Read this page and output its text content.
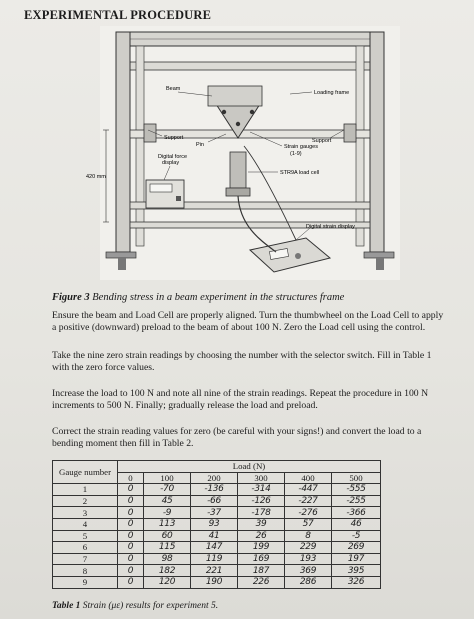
EXPERIMENTAL PROCEDURE
Beam
Loading frame
Support	Support
Pin	Strain gauges
(1-9)
Digital force
display
STR9A load cell
420 mm
Digital strain display
Figure 3 Bending stress in a beam experiment in the structures frame
Ensure the beam and Load Cell are properly aligned. Turn the thumbwheel on the Load Cell to apply a positive (downward) preload to the beam of about 100 N. Zero the Load cell using the control.
Take the nine zero strain readings by choosing the number with the selector switch. Fill in Table 1 with the zero force values.
Increase the load to 100 N and note all nine of the strain readings. Repeat the procedure in 100 N increments to 500 N. Finally; gradually release the load and preload.
Correct the strain reading values for zero (be careful with your signs!) and convert the load to a bending moment then fill in Table 2.
Gauge number	Load (N)					
	0	100	200	300	400	500
1	0	-70	-136	-314	-447	-555
2	0	45	-66	-126	-227	-255
3	0	-9	-37	-178	-276	-366
4	0	113	93	39	57	46
5	0	60	41	26	8	-5
6	0	115	147	199	229	269
7	0	98	119	169	193	197
8	0	182	221	187	369	395
9	0	120	190	226	286	326
Table 1 Strain (με) results for experiment 5.
